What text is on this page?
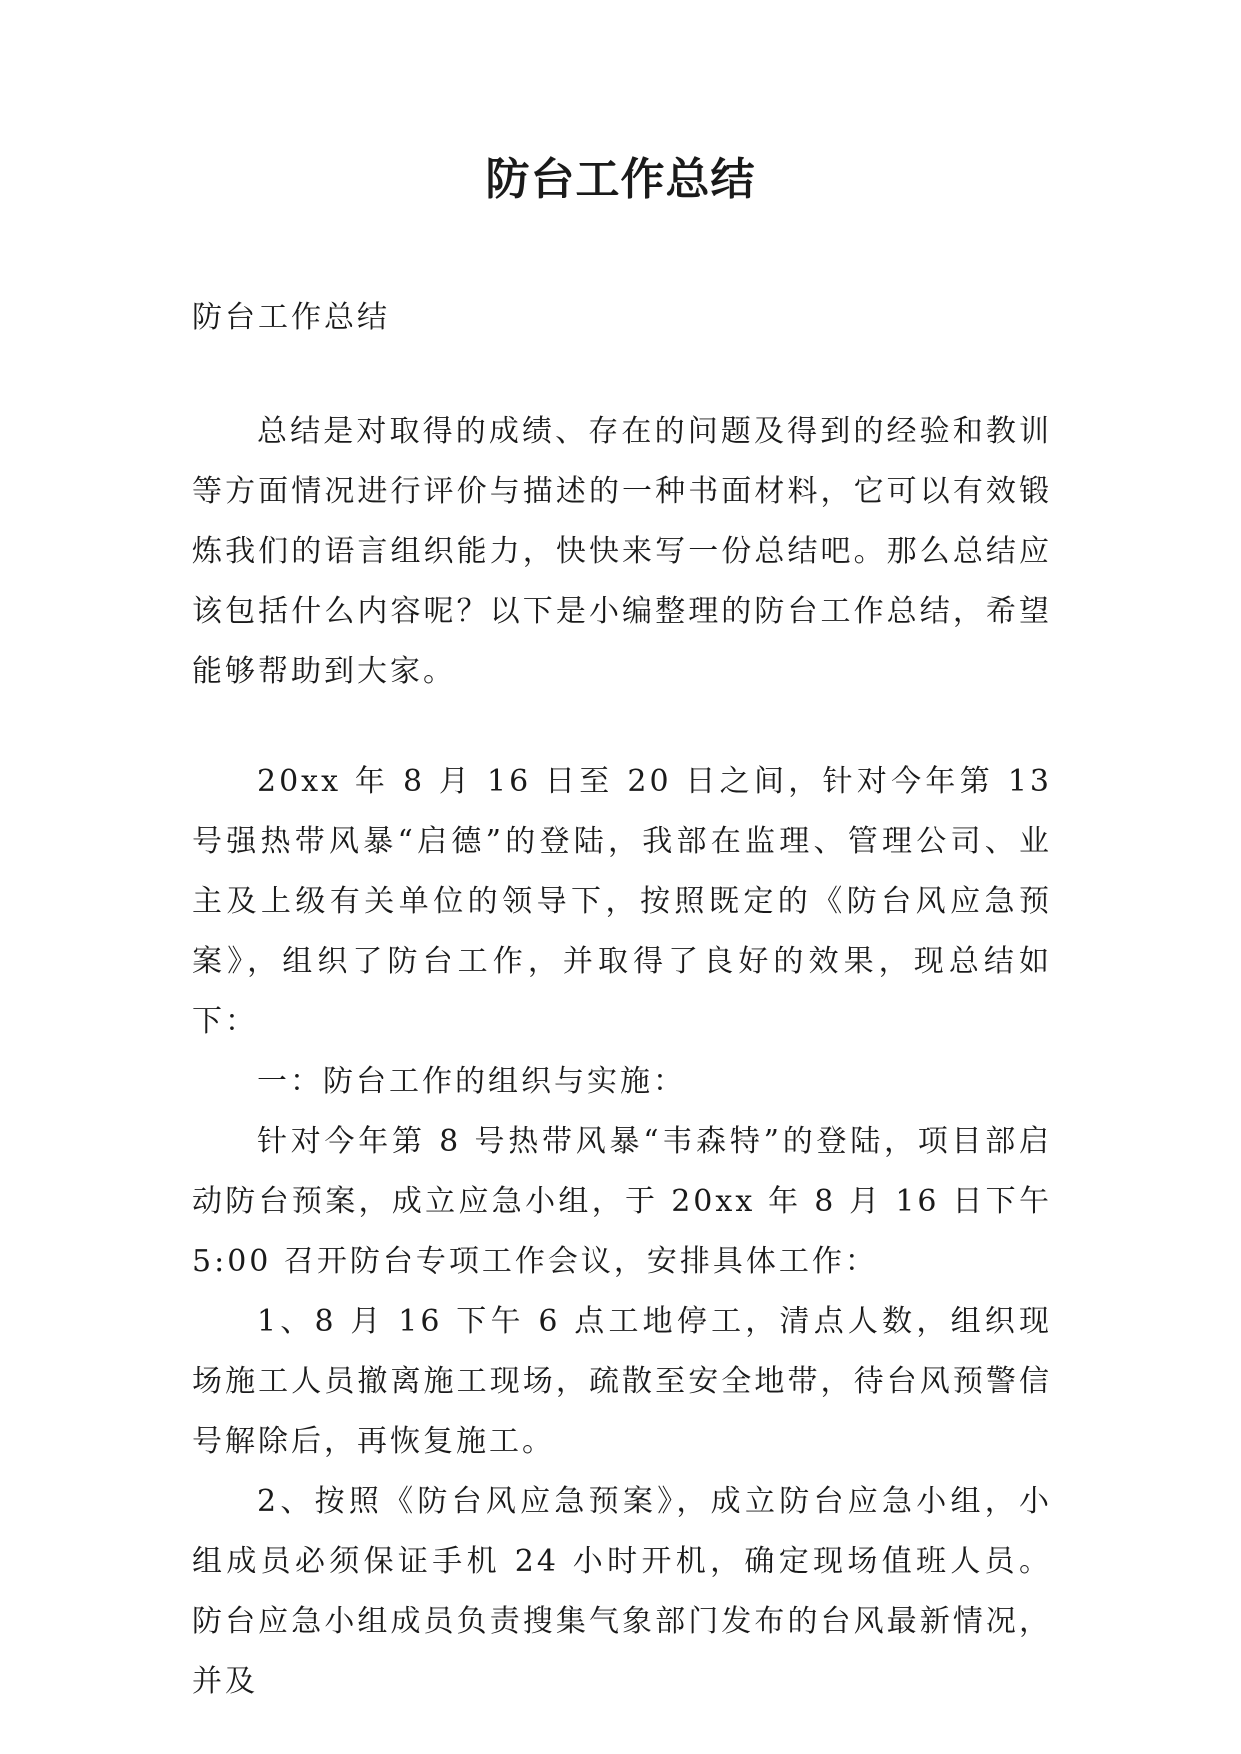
防台工作总结
防台工作总结

总结是对取得的成绩、存在的问题及得到的经验和教训等方面情况进行评价与描述的一种书面材料，它可以有效锻炼我们的语言组织能力，快快来写一份总结吧。那么总结应该包括什么内容呢？以下是小编整理的防台工作总结，希望能够帮助到大家。

20xx 年 8 月 16 日至 20 日之间，针对今年第 13 号强热带风暴“启德”的登陆，我部在监理、管理公司、业主及上级有关单位的领导下，按照既定的《防台风应急预案》，组织了防台工作，并取得了良好的效果，现总结如下：

一：防台工作的组织与实施：

针对今年第 8 号热带风暴“韦森特”的登陆，项目部启动防台预案，成立应急小组，于 20xx 年 8 月 16 日下午 5:00 召开防台专项工作会议，安排具体工作：

1、8 月 16 下午 6 点工地停工，清点人数，组织现场施工人员撤离施工现场，疏散至安全地带，待台风预警信号解除后，再恢复施工。

2、按照《防台风应急预案》，成立防台应急小组，小组成员必须保证手机 24 小时开机，确定现场值班人员。防台应急小组成员负责搜集气象部门发布的台风最新情况，并及
